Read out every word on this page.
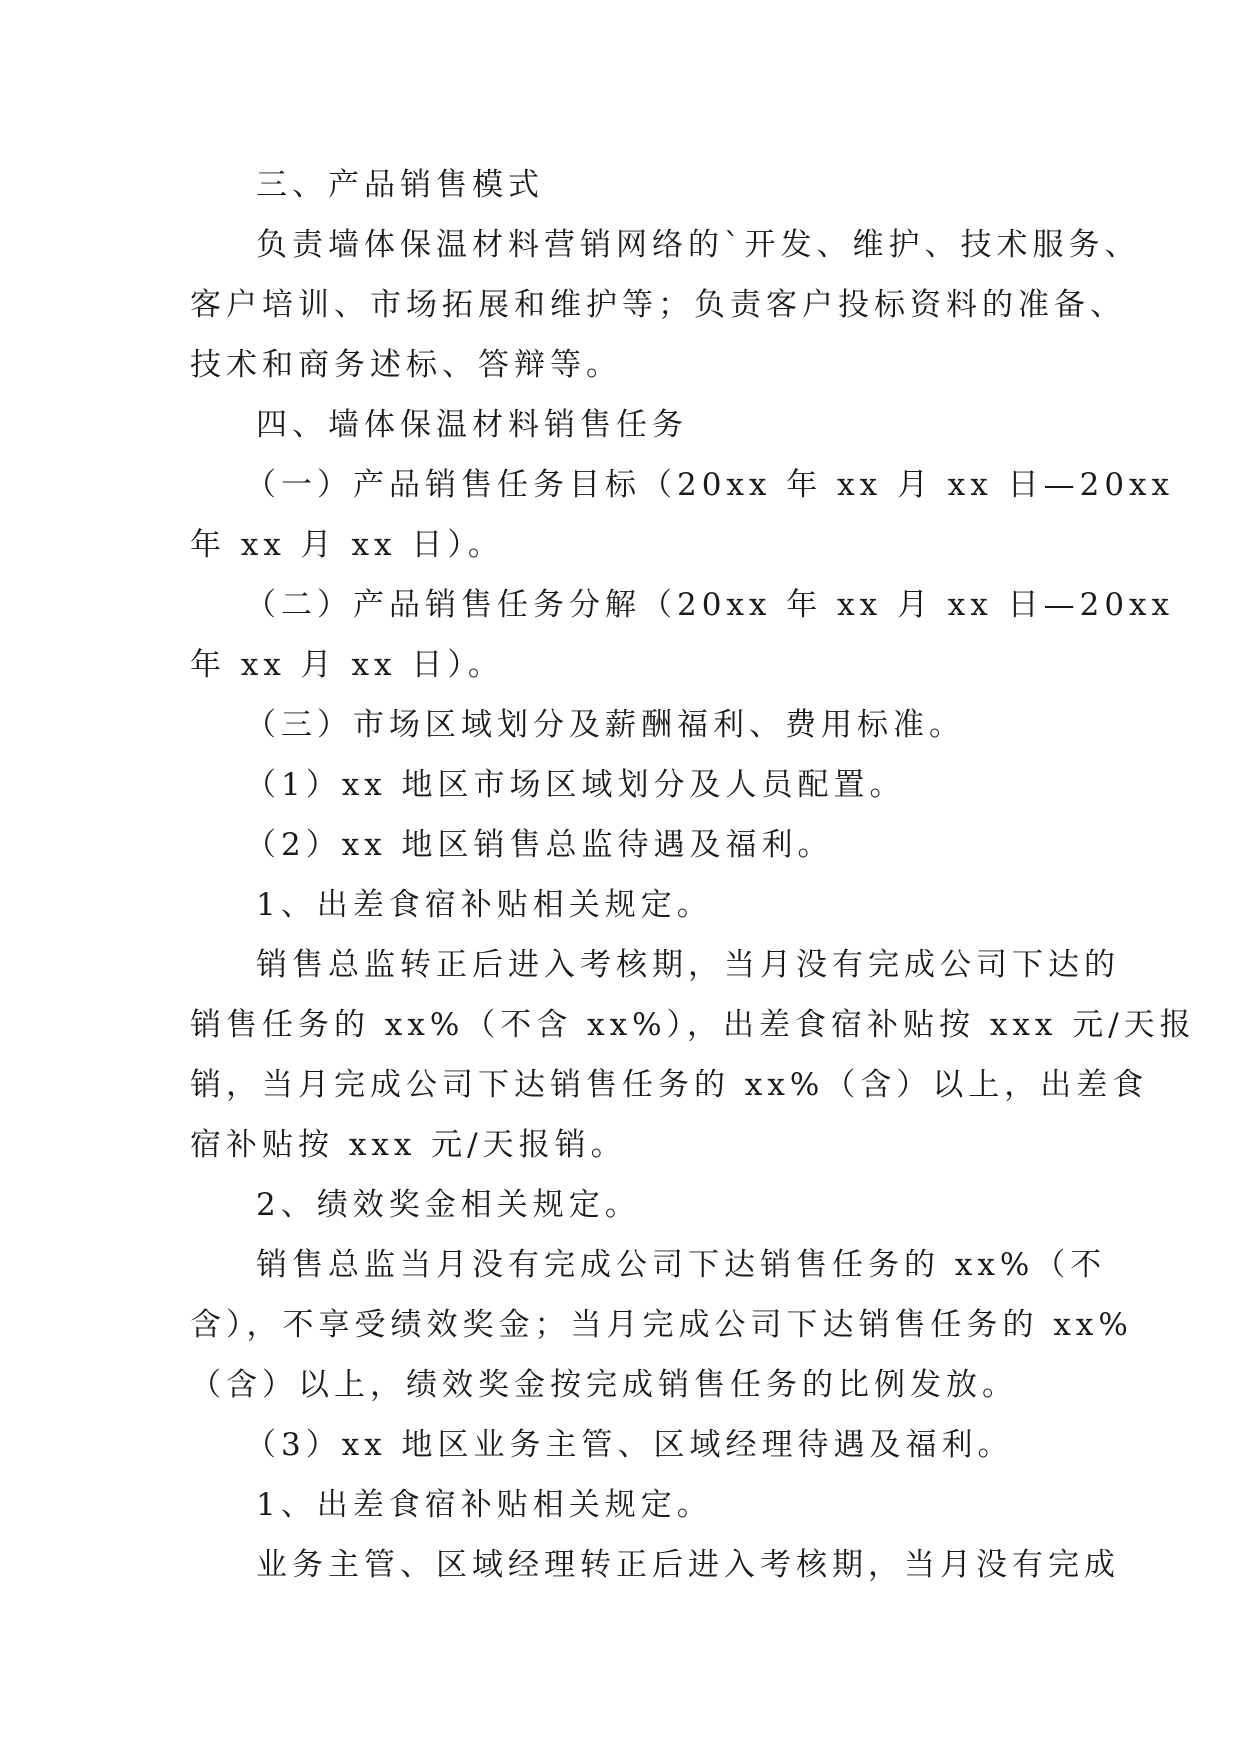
三、产品销售模式
负责墙体保温材料营销网络的`开发、维护、技术服务、
客户培训、市场拓展和维护等；负责客户投标资料的准备、
技术和商务述标、答辩等。
四、墙体保温材料销售任务
（一）产品销售任务目标（20xx 年 xx 月 xx 日—20xx
年 xx 月 xx 日）。
（二）产品销售任务分解（20xx 年 xx 月 xx 日—20xx
年 xx 月 xx 日）。
（三）市场区域划分及薪酬福利、费用标准。
（1）xx 地区市场区域划分及人员配置。
（2）xx 地区销售总监待遇及福利。
1、出差食宿补贴相关规定。
销售总监转正后进入考核期，当月没有完成公司下达的
销售任务的 xx%（不含 xx%），出差食宿补贴按 xxx 元/天报
销，当月完成公司下达销售任务的 xx%（含）以上，出差食
宿补贴按 xxx 元/天报销。
2、绩效奖金相关规定。
销售总监当月没有完成公司下达销售任务的 xx%（不
含），不享受绩效奖金；当月完成公司下达销售任务的 xx%
（含）以上，绩效奖金按完成销售任务的比例发放。
（3）xx 地区业务主管、区域经理待遇及福利。
1、出差食宿补贴相关规定。
业务主管、区域经理转正后进入考核期，当月没有完成
